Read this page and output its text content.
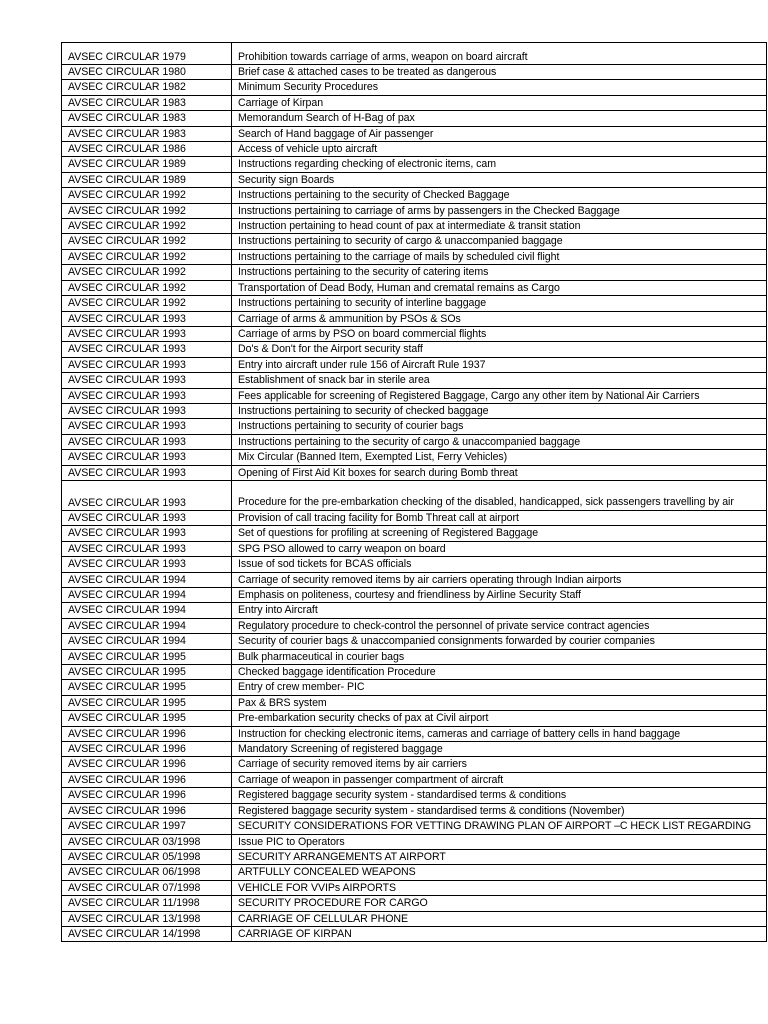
AVSEC CIRCULAR 1979	Prohibition towards carriage of arms, weapon on board aircraft
AVSEC CIRCULAR 1980	Brief case & attached cases to be treated as dangerous
AVSEC CIRCULAR 1982	Minimum Security Procedures
AVSEC CIRCULAR 1983	Carriage of Kirpan
AVSEC CIRCULAR 1983	Memorandum Search of H-Bag of pax
AVSEC CIRCULAR 1983	Search of Hand baggage of Air passenger
AVSEC CIRCULAR 1986	Access of vehicle upto aircraft
AVSEC CIRCULAR 1989	Instructions regarding checking of electronic items, cam
AVSEC CIRCULAR 1989	Security sign Boards
AVSEC CIRCULAR 1992	Instructions pertaining to the security of Checked Baggage
AVSEC CIRCULAR 1992	Instructions pertaining to carriage of arms by passengers in the Checked Baggage
AVSEC CIRCULAR 1992	Instruction pertaining to head count of pax at intermediate & transit station
AVSEC CIRCULAR 1992	Instructions pertaining to security of cargo & unaccompanied baggage
AVSEC CIRCULAR 1992	Instructions pertaining to the carriage of mails by scheduled civil flight
AVSEC CIRCULAR 1992	Instructions pertaining to the security of catering items
AVSEC CIRCULAR 1992	Transportation of Dead Body, Human and crematal remains as Cargo
AVSEC CIRCULAR 1992	Instructions pertaining to security of interline baggage
AVSEC CIRCULAR 1993	Carriage of arms & ammunition by PSOs & SOs
AVSEC CIRCULAR 1993	Carriage of arms by PSO on board commercial flights
AVSEC CIRCULAR 1993	Do's & Don't for the Airport security staff
AVSEC CIRCULAR 1993	Entry into aircraft under rule 156 of Aircraft Rule 1937
AVSEC CIRCULAR 1993	Establishment of snack bar in sterile area
AVSEC CIRCULAR 1993	Fees applicable for screening of Registered Baggage, Cargo any other item by National Air Carriers
AVSEC CIRCULAR 1993	Instructions pertaining to security of checked baggage
AVSEC CIRCULAR 1993	Instructions pertaining to security of courier bags
AVSEC CIRCULAR 1993	Instructions pertaining to the security of cargo & unaccompanied baggage
AVSEC CIRCULAR 1993	Mix Circular (Banned Item, Exempted List, Ferry Vehicles)
AVSEC CIRCULAR 1993	Opening of First Aid Kit boxes for search during Bomb threat
AVSEC CIRCULAR 1993	Procedure for the pre-embarkation checking of the disabled, handicapped, sick passengers travelling by air
AVSEC CIRCULAR 1993	Provision of call tracing facility for Bomb Threat call at airport
AVSEC CIRCULAR 1993	Set of questions for profiling at screening of Registered Baggage
AVSEC CIRCULAR 1993	SPG PSO allowed to carry weapon on board
AVSEC CIRCULAR 1993	Issue of sod tickets for BCAS officials
AVSEC CIRCULAR 1994	Carriage of security removed items by air carriers operating through Indian airports
AVSEC CIRCULAR 1994	Emphasis on politeness, courtesy and friendliness by Airline Security Staff
AVSEC CIRCULAR 1994	Entry into Aircraft
AVSEC CIRCULAR 1994	Regulatory procedure to check-control the personnel of private service contract agencies
AVSEC CIRCULAR 1994	Security of courier bags & unaccompanied consignments forwarded by courier companies
AVSEC CIRCULAR 1995	Bulk pharmaceutical in courier bags
AVSEC CIRCULAR 1995	Checked baggage identification Procedure
AVSEC CIRCULAR 1995	Entry of crew member- PIC
AVSEC CIRCULAR 1995	Pax & BRS system
AVSEC CIRCULAR 1995	Pre-embarkation security checks of pax at Civil airport
AVSEC CIRCULAR 1996	Instruction for checking electronic items, cameras and carriage of battery cells in hand baggage
AVSEC CIRCULAR 1996	Mandatory Screening of registered baggage
AVSEC CIRCULAR 1996	Carriage of security removed items by air carriers
AVSEC CIRCULAR 1996	Carriage of weapon in passenger compartment of aircraft
AVSEC CIRCULAR 1996	Registered baggage security system - standardised terms & conditions
AVSEC CIRCULAR 1996	Registered baggage security system - standardised terms & conditions (November)
AVSEC CIRCULAR 1997	SECURITY CONSIDERATIONS FOR VETTING DRAWING PLAN OF AIRPORT –C HECK LIST REGARDING
AVSEC CIRCULAR 03/1998	Issue PIC to Operators
AVSEC CIRCULAR 05/1998	SECURITY ARRANGEMENTS AT AIRPORT
AVSEC CIRCULAR 06/1998	ARTFULLY CONCEALED WEAPONS
AVSEC CIRCULAR 07/1998	VEHICLE FOR VVIPs AIRPORTS
AVSEC CIRCULAR 11/1998	SECURITY PROCEDURE FOR CARGO
AVSEC CIRCULAR 13/1998	CARRIAGE OF CELLULAR PHONE
AVSEC CIRCULAR 14/1998	CARRIAGE OF KIRPAN
